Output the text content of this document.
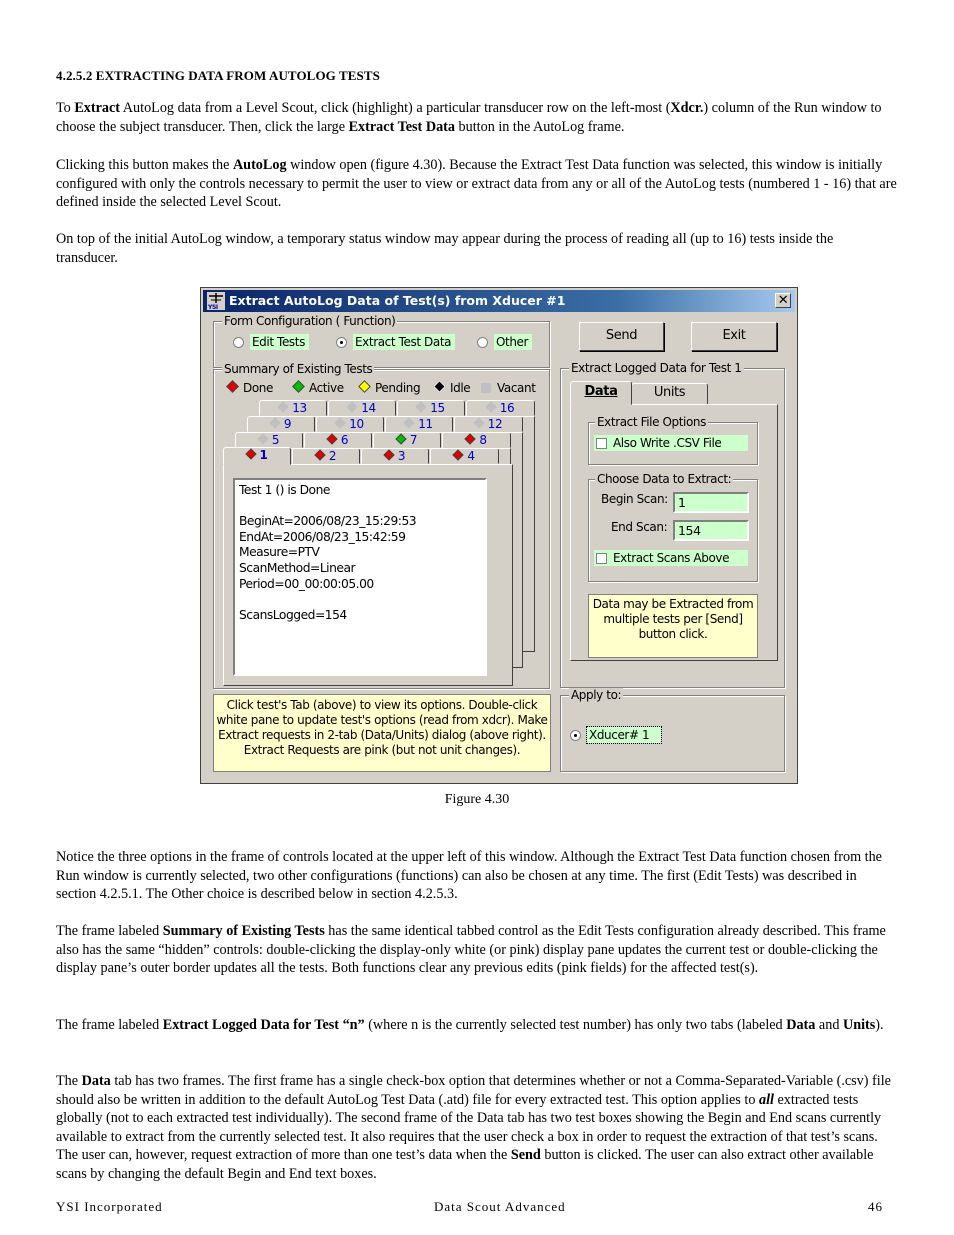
4.2.5.2 EXTRACTING DATA FROM AUTOLOG TESTS

To Extract AutoLog data from a Level Scout, click (highlight) a particular transducer row on the left-most (Xdcr.) column of the Run window to choose the subject transducer. Then, click the large Extract Test Data button in the AutoLog frame.

Clicking this button makes the AutoLog window open (figure 4.30). Because the Extract Test Data function was selected, this window is initially configured with only the controls necessary to permit the user to view or extract data from any or all of the AutoLog tests (numbered 1 - 16) that are defined inside the selected Level Scout.

On top of the initial AutoLog window, a temporary status window may appear during the process of reading all (up to 16) tests inside the transducer.

YSI Extract AutoLog Data of Test(s) from Xducer #1	✕
Form Configuration ( Function)
Edit Tests	Extract Test Data	Other	Send	Exit
Summary of Existing Tests
Done	Active	Pending	Idle	Vacant
13	14	15	16
9	10	11	12
5	6	7	8
1	2	3	4
Test 1 () is Done

BeginAt=2006/08/23_15:29:53
EndAt=2006/08/23_15:42:59
Measure=PTV
ScanMethod=Linear
Period=00_00:00:05.00

ScansLogged=154
Click test's Tab (above) to view its options. Double-click white pane to update test's options (read from xdcr). Make Extract requests in 2-tab (Data/Units) dialog (above right). Extract Requests are pink (but not unit changes).
Extract Logged Data for Test 1
Data	Units
Extract File Options
Also Write .CSV File
Choose Data to Extract:
Begin Scan: 1
End Scan: 154
Extract Scans Above
Data may be Extracted from multiple tests per [Send] button click.
Apply to:
Xducer# 1
Figure 4.30

Notice the three options in the frame of controls located at the upper left of this window. Although the Extract Test Data function chosen from the Run window is currently selected, two other configurations (functions) can also be chosen at any time. The first (Edit Tests) was described in section 4.2.5.1. The Other choice is described below in section 4.2.5.3.

The frame labeled Summary of Existing Tests has the same identical tabbed control as the Edit Tests configuration already described. This frame also has the same “hidden” controls: double-clicking the display-only white (or pink) display pane updates the current test or double-clicking the display pane’s outer border updates all the tests. Both functions clear any previous edits (pink fields) for the affected test(s).

The frame labeled Extract Logged Data for Test “n” (where n is the currently selected test number) has only two tabs (labeled Data and Units).

The Data tab has two frames. The first frame has a single check-box option that determines whether or not a Comma-Separated-Variable (.csv) file should also be written in addition to the default AutoLog Test Data (.atd) file for every extracted test. This option applies to all extracted tests globally (not to each extracted test individually). The second frame of the Data tab has two test boxes showing the Begin and End scans currently available to extract from the currently selected test. It also requires that the user check a box in order to request the extraction of that test’s scans. The user can, however, request extraction of more than one test’s data when the Send button is clicked. The user can also extract other available scans by changing the default Begin and End text boxes.

YSI Incorporated	Data Scout Advanced	46
